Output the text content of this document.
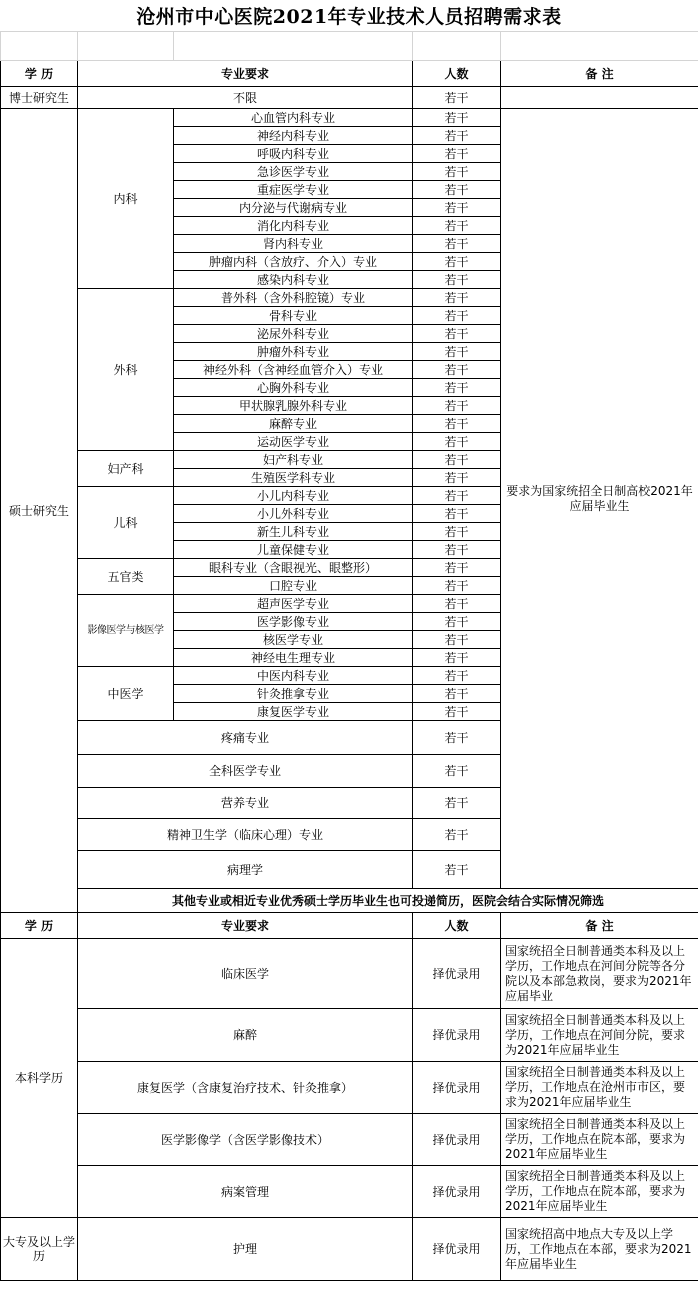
沧州市中心医院2021年专业技术人员招聘需求表

学 历	专业要求		人数	备 注
博士研究生	不限		若干	
硕士研究生	内科	心血管内科专业	若干	要求为国家统招全日制高校2021年应届毕业生
		神经内科专业	若干	
		呼吸内科专业	若干	
		急诊医学专业	若干	
		重症医学专业	若干	
		内分泌与代谢病专业	若干	
		消化内科专业	若干	
		肾内科专业	若干	
		肿瘤内科（含放疗、介入）专业	若干	
		感染内科专业	若干	
	外科	普外科（含外科腔镜）专业	若干	
		骨科专业	若干	
		泌尿外科专业	若干	
		肿瘤外科专业	若干	
		神经外科（含神经血管介入）专业	若干	
		心胸外科专业	若干	
		甲状腺乳腺外科专业	若干	
		麻醉专业	若干	
		运动医学专业	若干	
	妇产科	妇产科专业	若干	
		生殖医学科专业	若干	
	儿科	小儿内科专业	若干	
		小儿外科专业	若干	
		新生儿科专业	若干	
		儿童保健专业	若干	
	五官类	眼科专业（含眼视光、眼整形）	若干	
		口腔专业	若干	
	影像医学与核医学	超声医学专业	若干	
		医学影像专业	若干	
		核医学专业	若干	
		神经电生理专业	若干	
	中医学	中医内科专业	若干	
		针灸推拿专业	若干	
		康复医学专业	若干	
	疼痛专业		若干	
	全科医学专业		若干	
	营养专业		若干	
	精神卫生学（临床心理）专业		若干	
	病理学		若干	
	其他专业或相近专业优秀硕士学历毕业生也可投递简历，医院会结合实际情况筛选			
学 历	专业要求		人数	备 注
本科学历	临床医学		择优录用	国家统招全日制普通类本科及以上学历，工作地点在河间分院等各分院以及本部急救岗，要求为2021年应届毕业
	麻醉		择优录用	国家统招全日制普通类本科及以上学历，工作地点在河间分院，要求为2021年应届毕业生
	康复医学（含康复治疗技术、针灸推拿）		择优录用	国家统招全日制普通类本科及以上学历，工作地点在沧州市市区，要求为2021年应届毕业生
	医学影像学（含医学影像技术）		择优录用	国家统招全日制普通类本科及以上学历，工作地点在院本部，要求为2021年应届毕业生
	病案管理		择优录用	国家统招全日制普通类本科及以上学历，工作地点在院本部，要求为2021年应届毕业生
大专及以上学历	护理		择优录用	国家统招高中地点大专及以上学历，工作地点在本部，要求为2021年应届毕业生
